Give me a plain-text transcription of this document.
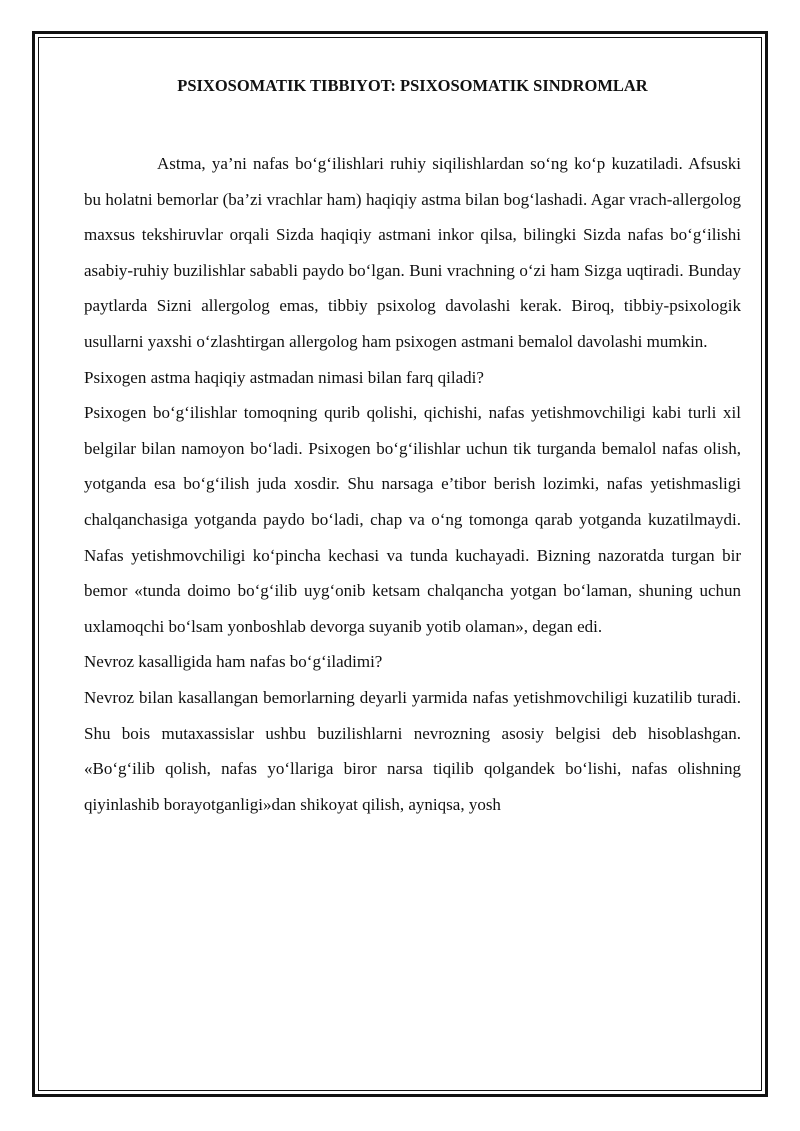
PSIXOSOMATIK TIBBIYOT: PSIXOSOMATIK SINDROMLAR

Astma, ya’ni nafas bo‘g‘ilishlari ruhiy siqilishlardan so‘ng ko‘p kuzatiladi. Afsuski bu holatni bemorlar (ba’zi vrachlar ham) haqiqiy astma bilan bog‘lashadi. Agar vrach-allergolog maxsus tekshiruvlar orqali Sizda haqiqiy astmani inkor qilsa, bilingki Sizda nafas bo‘g‘ilishi asabiy-ruhiy buzilishlar sababli paydo bo‘lgan. Buni vrachning o‘zi ham Sizga uqtiradi. Bunday paytlarda Sizni allergolog emas, tibbiy psixolog davolashi kerak. Biroq, tibbiy-psixologik usullarni yaxshi o‘zlashtirgan allergolog ham psixogen astmani bemalol davolashi mumkin.

Psixogen astma haqiqiy astmadan nimasi bilan farq qiladi?

Psixogen bo‘g‘ilishlar tomoqning qurib qolishi, qichishi, nafas yetishmovchiligi kabi turli xil belgilar bilan namoyon bo‘ladi. Psixogen bo‘g‘ilishlar uchun tik turganda bemalol nafas olish, yotganda esa bo‘g‘ilish juda xosdir. Shu narsaga e’tibor berish lozimki, nafas yetishmasligi chalqanchasiga yotganda paydo bo‘ladi, chap va o‘ng tomonga qarab yotganda kuzatilmaydi. Nafas yetishmovchiligi ko‘pincha kechasi va tunda kuchayadi. Bizning nazoratda turgan bir bemor «tunda doimo bo‘g‘ilib uyg‘onib ketsam chalqancha yotgan bo‘laman, shuning uchun uxlamoqchi bo‘lsam yonboshlab devorga suyanib yotib olaman», degan edi.

Nevroz kasalligida ham nafas bo‘g‘iladimi?

Nevroz bilan kasallangan bemorlarning deyarli yarmida nafas yetishmovchiligi kuzatilib turadi. Shu bois mutaxassislar ushbu buzilishlarni nevrozning asosiy belgisi deb hisoblashgan. «Bo‘g‘ilib qolish, nafas yo‘llariga biror narsa tiqilib qolgandek bo‘lishi, nafas olishning qiyinlashib borayotganligi»dan shikoyat qilish, ayniqsa, yosh
